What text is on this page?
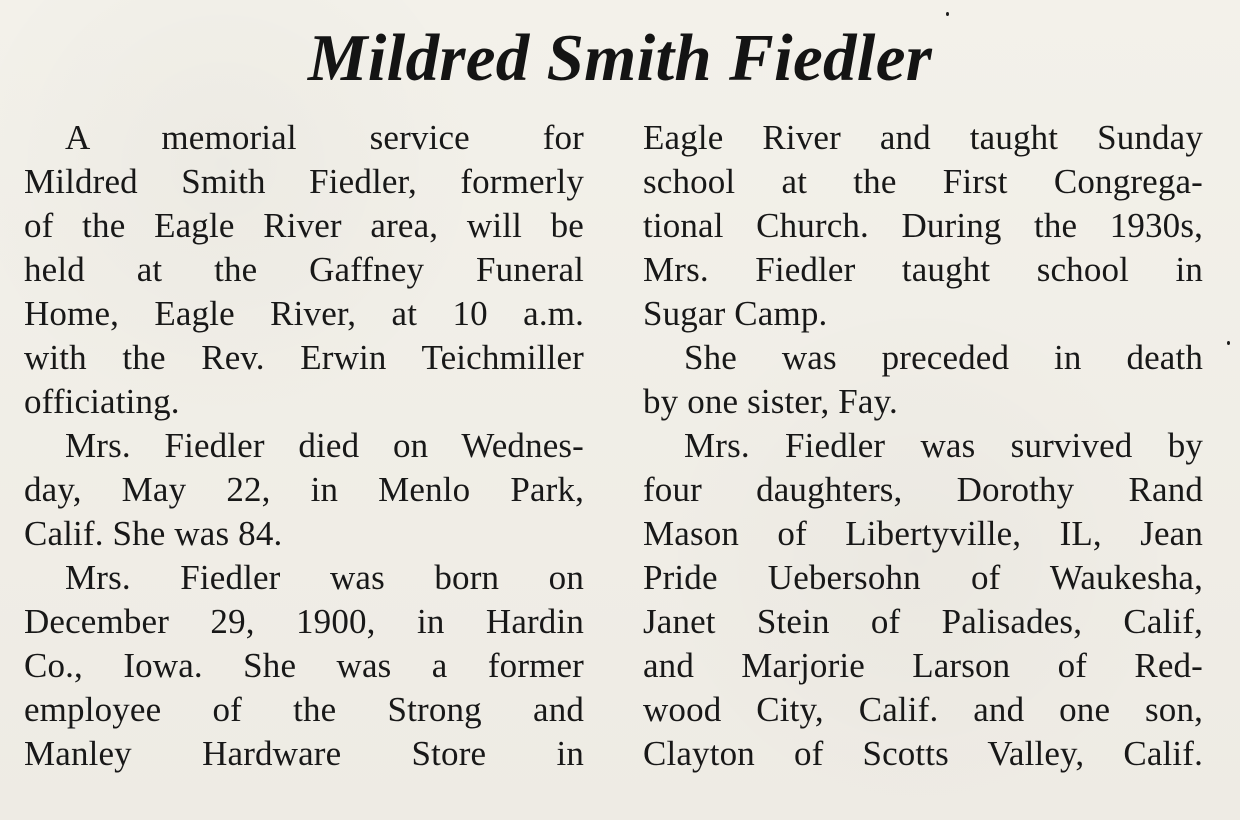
Mildred Smith Fiedler

A memorial service for

Mildred Smith Fiedler, formerly

of the Eagle River area, will be

held at the Gaffney Funeral

Home, Eagle River, at 10 a.m.

with the Rev. Erwin Teichmiller

officiating.

Mrs. Fiedler died on Wednes-

day, May 22, in Menlo Park,

Calif. She was 84.

Mrs. Fiedler was born on

December 29, 1900, in Hardin

Co., Iowa. She was a former

employee of the Strong and

Manley Hardware Store in

Eagle River and taught Sunday

school at the First Congrega-

tional Church. During the 1930s,

Mrs. Fiedler taught school in

Sugar Camp.

She was preceded in death

by one sister, Fay.

Mrs. Fiedler was survived by

four daughters, Dorothy Rand

Mason of Libertyville, IL, Jean

Pride Uebersohn of Waukesha,

Janet Stein of Palisades, Calif,

and Marjorie Larson of Red-

wood City, Calif. and one son,

Clayton of Scotts Valley, Calif.
